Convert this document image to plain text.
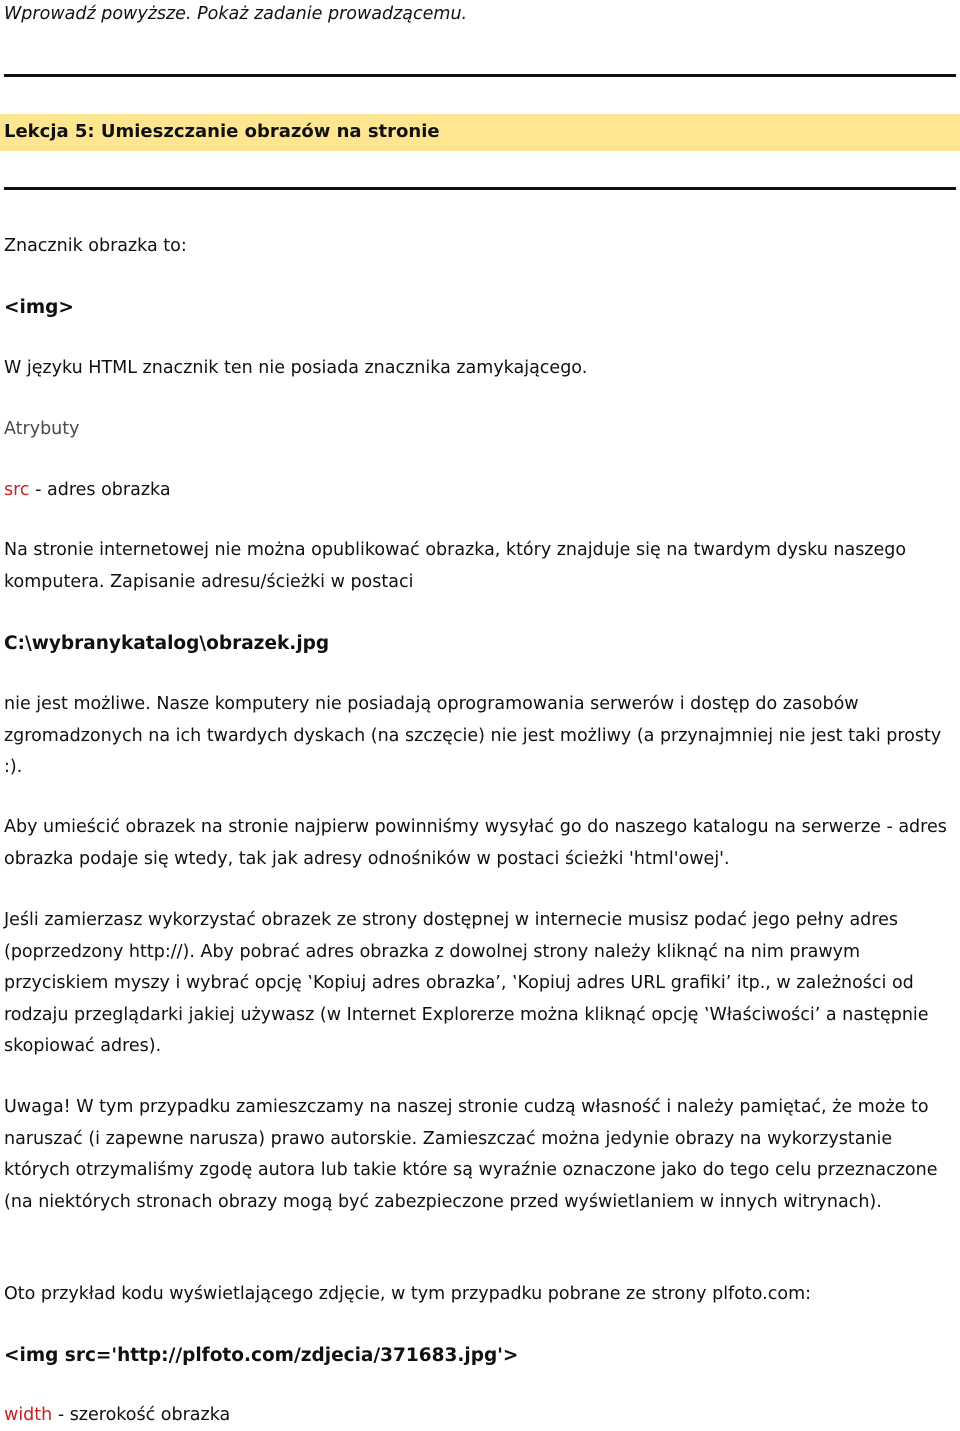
Wprowadź powyższe. Pokaż zadanie prowadzącemu.

Lekcja 5: Umieszczanie obrazów na stronie

Znacznik obrazka to:

<img>

W języku HTML znacznik ten nie posiada znacznika zamykającego.

Atrybuty

src - adres obrazka

Na stronie internetowej nie można opublikować obrazka, który znajduje się na twardym dysku naszego komputera. Zapisanie adresu/ścieżki w postaci

C:\wybranykatalog\obrazek.jpg

nie jest możliwe. Nasze komputery nie posiadają oprogramowania serwerów i dostęp do zasobów zgromadzonych na ich twardych dyskach (na szczęcie) nie jest możliwy (a przynajmniej nie jest taki prosty :).

Aby umieścić obrazek na stronie najpierw powinniśmy wysyłać go do naszego katalogu na serwerze - adres obrazka podaje się wtedy, tak jak adresy odnośników w postaci ścieżki 'html'owej'.

Jeśli zamierzasz wykorzystać obrazek ze strony dostępnej w internecie musisz podać jego pełny adres (poprzedzony http://). Aby pobrać adres obrazka z dowolnej strony należy kliknąć na nim prawym przyciskiem myszy i wybrać opcję ‛Kopiuj adres obrazka’, ‛Kopiuj adres URL grafiki’ itp., w zależności od rodzaju przeglądarki jakiej używasz (w Internet Explorerze można kliknąć opcję ‛Właściwości’ a następnie skopiować adres).

Uwaga! W tym przypadku zamieszczamy na naszej stronie cudzą własność i należy pamiętać, że może to naruszać (i zapewne narusza) prawo autorskie. Zamieszczać można jedynie obrazy na wykorzystanie których otrzymaliśmy zgodę autora lub takie które są wyraźnie oznaczone jako do tego celu przeznaczone (na niektórych stronach obrazy mogą być zabezpieczone przed wyświetlaniem w innych witrynach).

Oto przykład kodu wyświetlającego zdjęcie, w tym przypadku pobrane ze strony plfoto.com:

<img src='http://plfoto.com/zdjecia/371683.jpg'>

width - szerokość obrazka
